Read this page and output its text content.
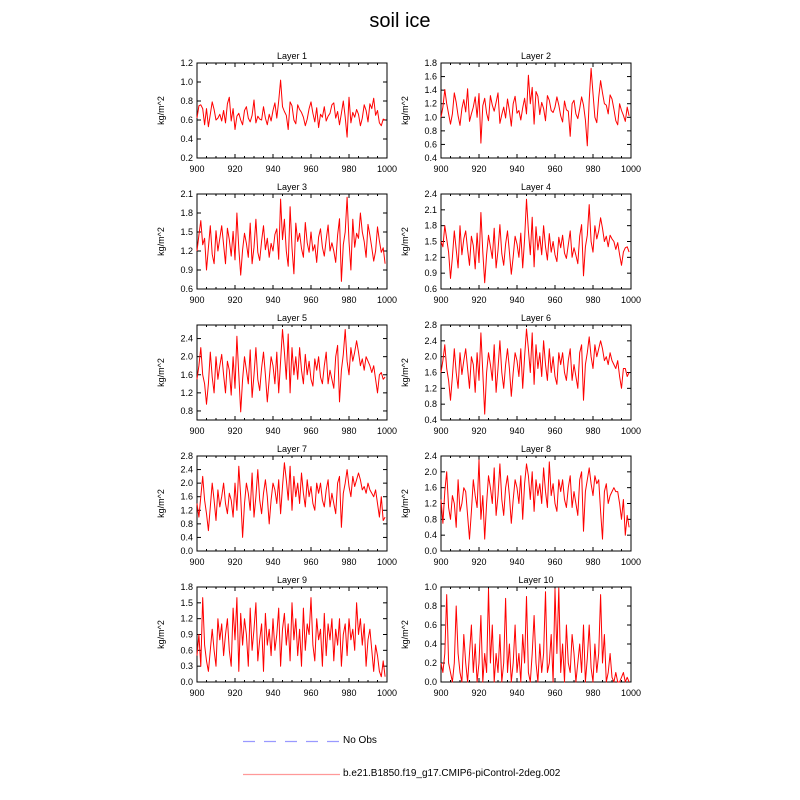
soil ice
Layer 1
kg/m^2
900	920	940	960	980 1000
0.2
0.4
0.6
0.8
1.0
1.2
Layer 2
kg/m^2
900	920	940	960	980 1000
0.4
0.6
0.8
1.0
1.2
1.4
1.6
1.8
Layer 3
kg/m^2
900	920	940	960	980 1000
0.6
0.9
1.2
1.5
1.8
2.1
Layer 4
kg/m^2
900	920	940	960	980 1000
0.6
0.9
1.2
1.5
1.8
2.1
2.4
Layer 5
kg/m^2
900	920	940	960	980 1000
0.8
1.2
1.6
2.0
2.4
Layer 6
kg/m^2
900	920	940	960	980 1000
0.4
0.8
1.2
1.6
2.0
2.4
2.8
Layer 7
kg/m^2
900	920	940	960	980 1000
0.0
0.4
0.8
1.2
1.6
2.0
2.4
2.8
Layer 8
kg/m^2
900	920	940	960	980 1000
0.0
0.4
0.8
1.2
1.6
2.0
2.4
Layer 9
kg/m^2
900	920	940	960	980 1000
0.0
0.3
0.6
0.9
1.2
1.5
1.8
Layer 10
kg/m^2
900	920	940	960	980 1000
0.0
0.2
0.4
0.6
0.8
1.0
No Obs
b.e21.B1850.f19_g17.CMIP6-piControl-2deg.002
